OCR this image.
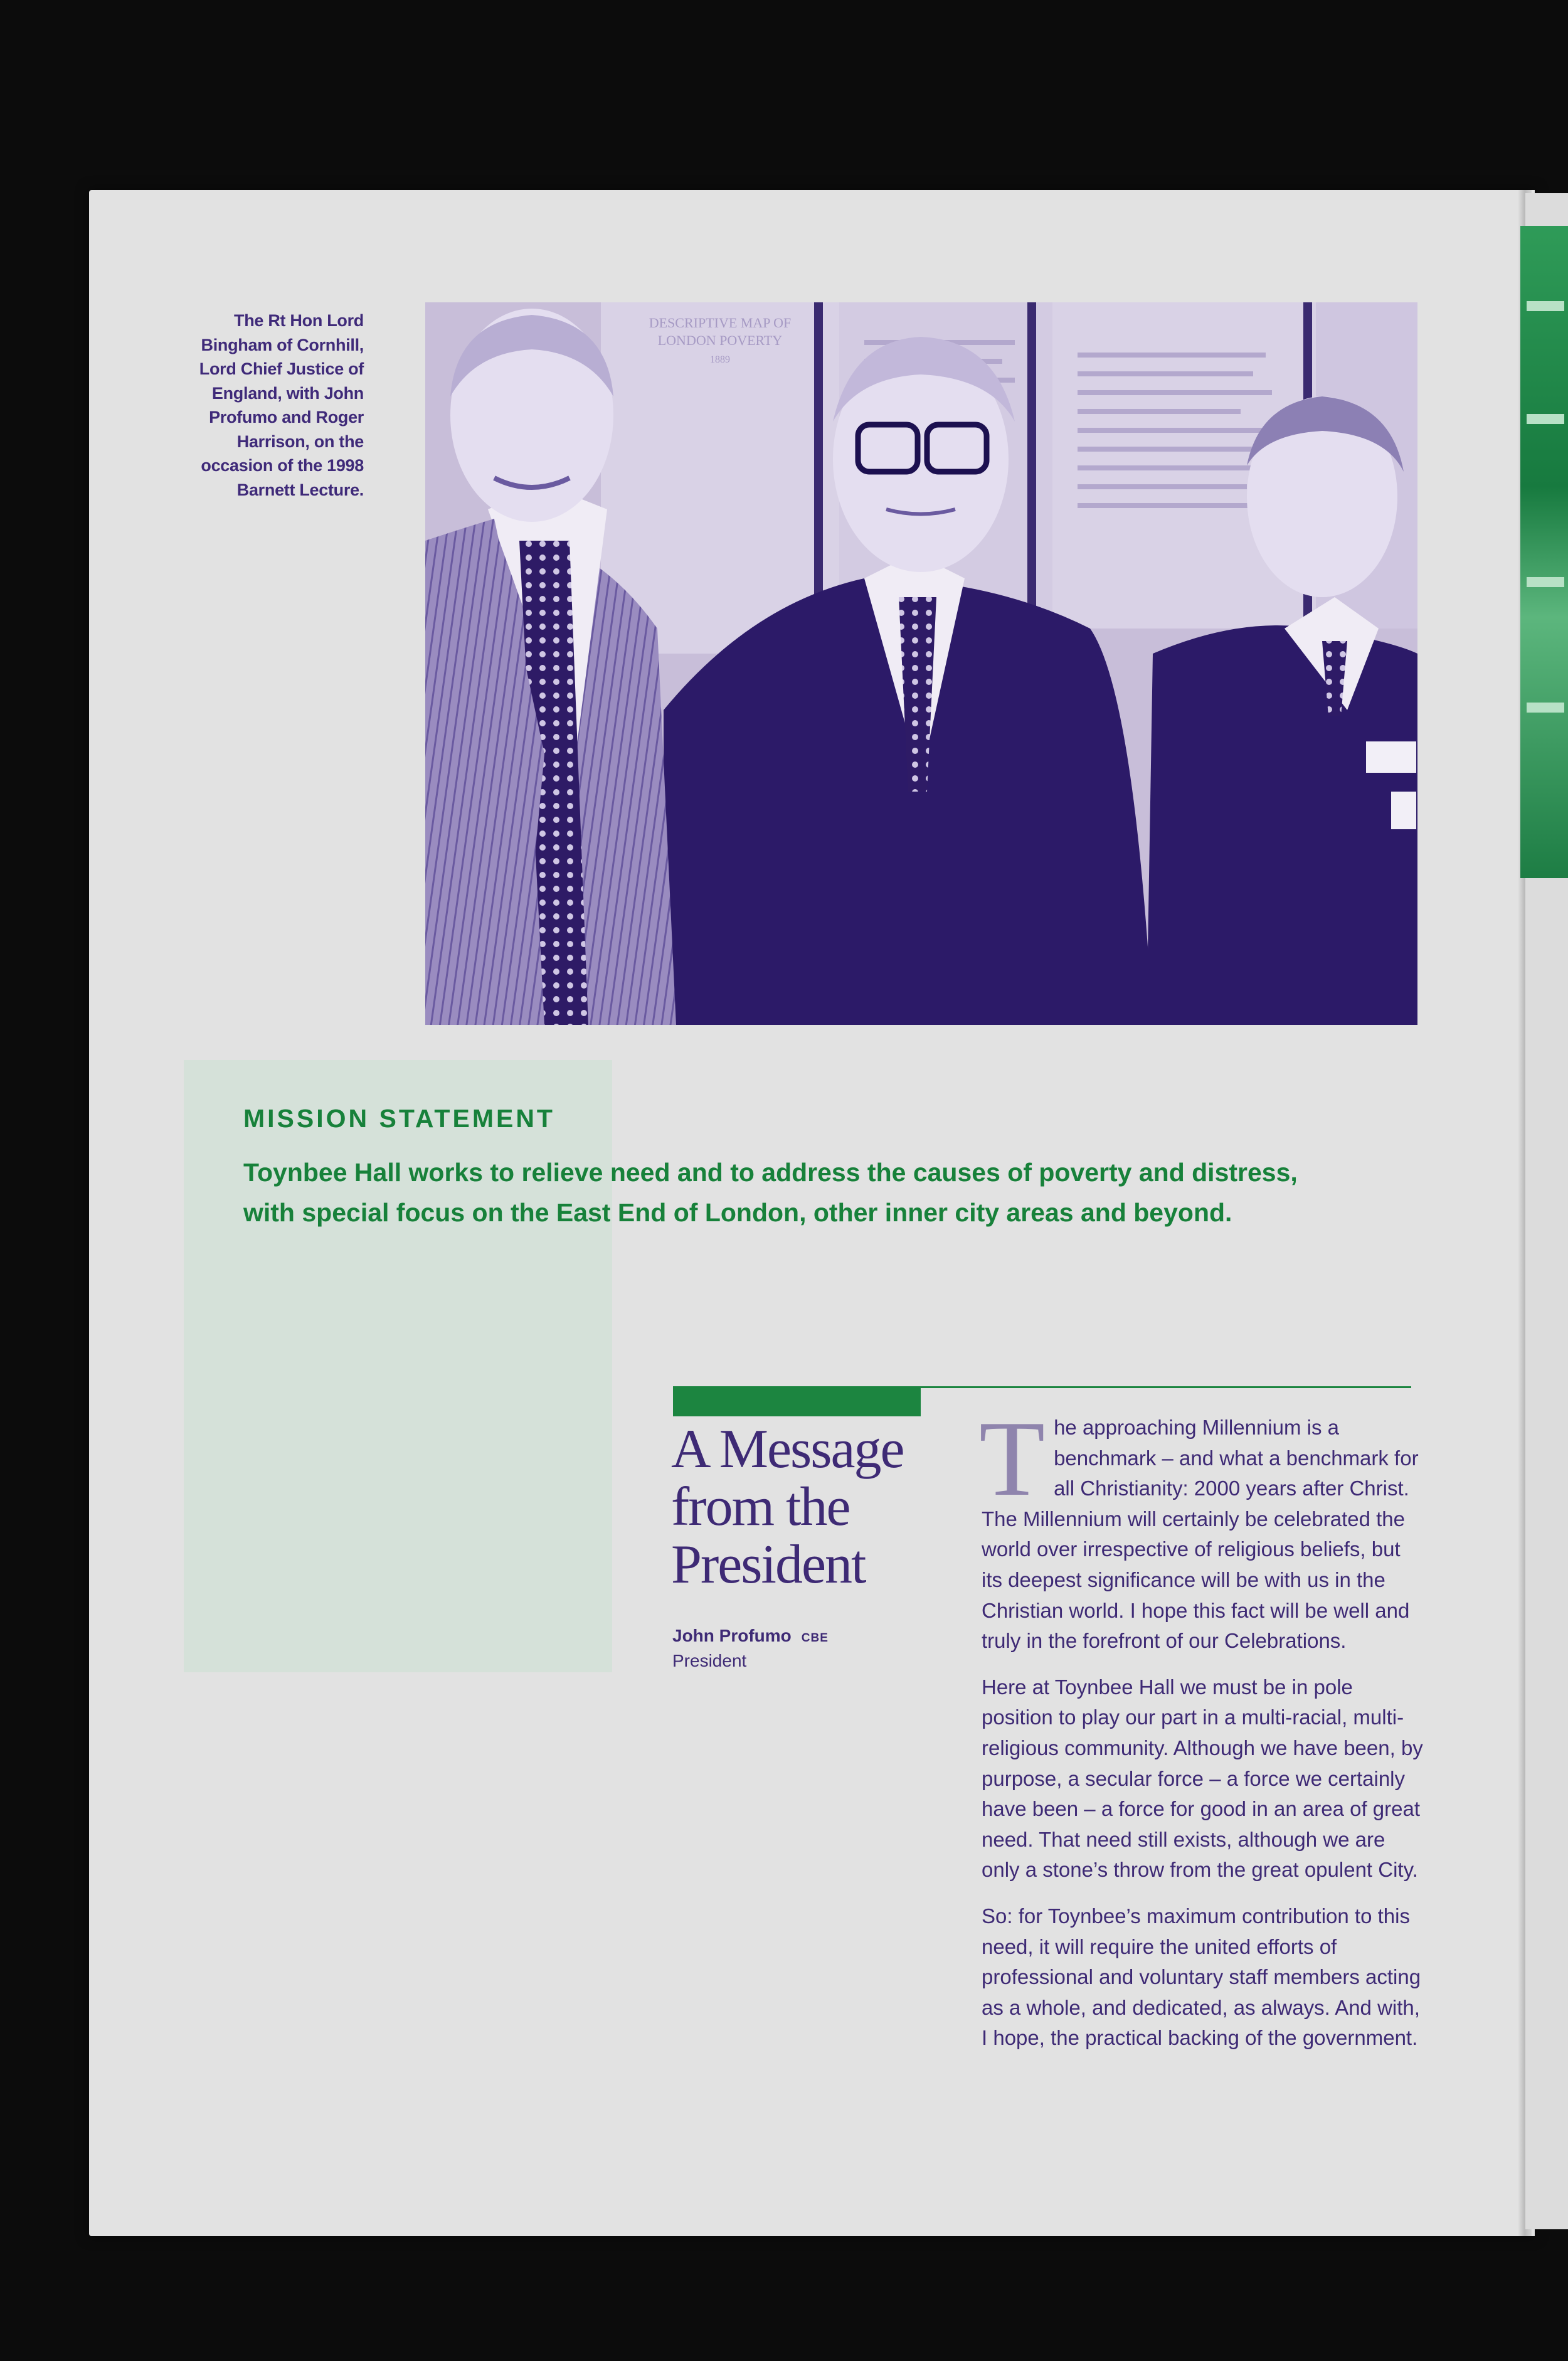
The Rt Hon Lord Bingham of Cornhill, Lord Chief Justice of England, with John Profumo and Roger Harrison, on the occasion of the 1998 Barnett Lecture.
DESCRIPTIVE MAP OF
LONDON POVERTY
1889
MISSION STATEMENT
Toynbee Hall works to relieve need and to address the causes of poverty and distress,
with special focus on the East End of London, other inner city areas and beyond.
A Message
from the
President
John Profumo CBE
President

The approaching Millennium is a benchmark – and what a benchmark for all Christianity: 2000 years after Christ. The Millennium will certainly be celebrated the world over irrespective of religious beliefs, but its deepest significance will be with us in the Christian world. I hope this fact will be well and truly in the forefront of our Celebrations.

Here at Toynbee Hall we must be in pole position to play our part in a multi-racial, multi-religious community. Although we have been, by purpose, a secular force – a force we certainly have been – a force for good in an area of great need. That need still exists, although we are only a stone’s throw from the great opulent City.

So: for Toynbee’s maximum contribution to this need, it will require the united efforts of professional and voluntary staff members acting as a whole, and dedicated, as always. And with, I hope, the practical backing of the government.
